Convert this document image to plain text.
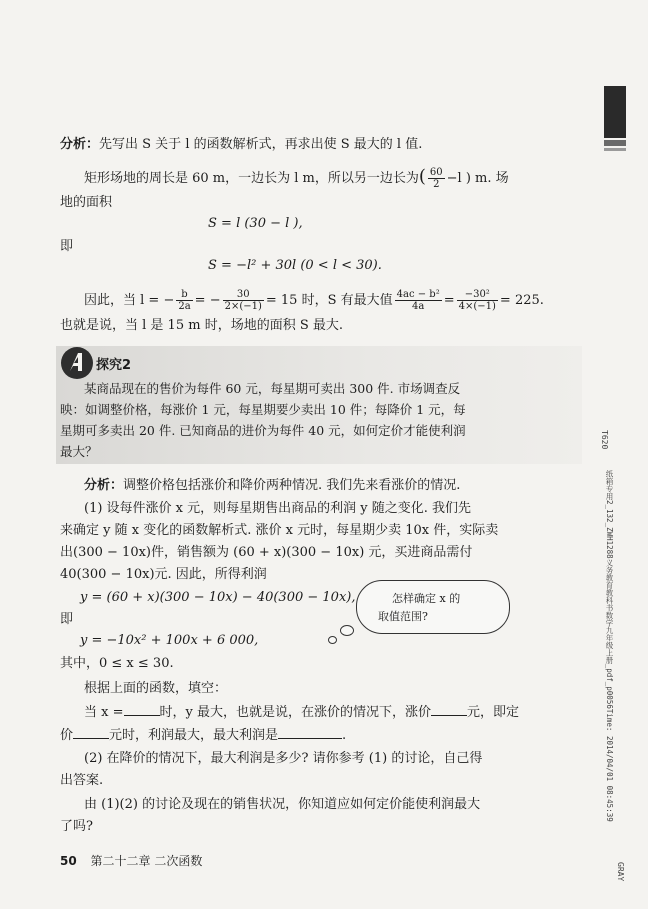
分析：先写出 S 关于 l 的函数解析式，再求出使 S 最大的 l 值.
矩形场地的周长是 60 m，一边长为 l m，所以另一边长为( $\frac{60}{2} -l$ ) m. 场
地的面积
S = l (30 − l ),
即
S = −l² + 30l (0 < l < 30).
因此，当 l = − $\frac{b}{2a}$ = − $\frac{30}{2\times(-1)} = 15$ 时，S 有最大值 $\frac{\text{4ac − b²}}{4a} = \frac{\text{−30²}}{4\times(-1)} = 225$.
也就是说，当 l 是 15 m 时，场地的面积 S 最大.
探究2
某商品现在的售价为每件 60 元，每星期可卖出 300 件. 市场调查反
映：如调整价格，每涨价 1 元，每星期要少卖出 10 件；每降价 1 元，每
星期可多卖出 20 件. 已知商品的进价为每件 40 元，如何定价才能使利润
最大？
分析：调整价格包括涨价和降价两种情况. 我们先来看涨价的情况.
(1) 设每件涨价 x 元，则每星期售出商品的利润 y 随之变化. 我们先
来确定 y 随 x 变化的函数解析式. 涨价 x 元时，每星期少卖 10x 件，实际卖
出(300 − 10x)件，销售额为 (60 + x)(300 − 10x) 元，买进商品需付
40(300 − 10x)元. 因此，所得利润
y = (60 + x)(300 − 10x) − 40(300 − 10x),
即
y = −10x² + 100x + 6 000,
其中，0 ≤ x ≤ 30.
怎样确定 x 的
取值范围?
根据上面的函数，填空：
当 x =	时，y 最大，也就是说，在涨价的情况下，涨价	元，即定
价	元时，利润最大，最大利润是	.
(2) 在降价的情况下，最大利润是多少? 请你参考 (1) 的讨论，自己得
出答案.
由 (1)(2) 的讨论及现在的销售状况，你知道应如何定价能使利润最大
了吗?
50 第二十二章 二次函数
T620
纸箱专用2_132_ZWH1288义务教育教科书数学九年级上册_pdf_p0056Time: 2014/04/01 08:45:39
GRAY
